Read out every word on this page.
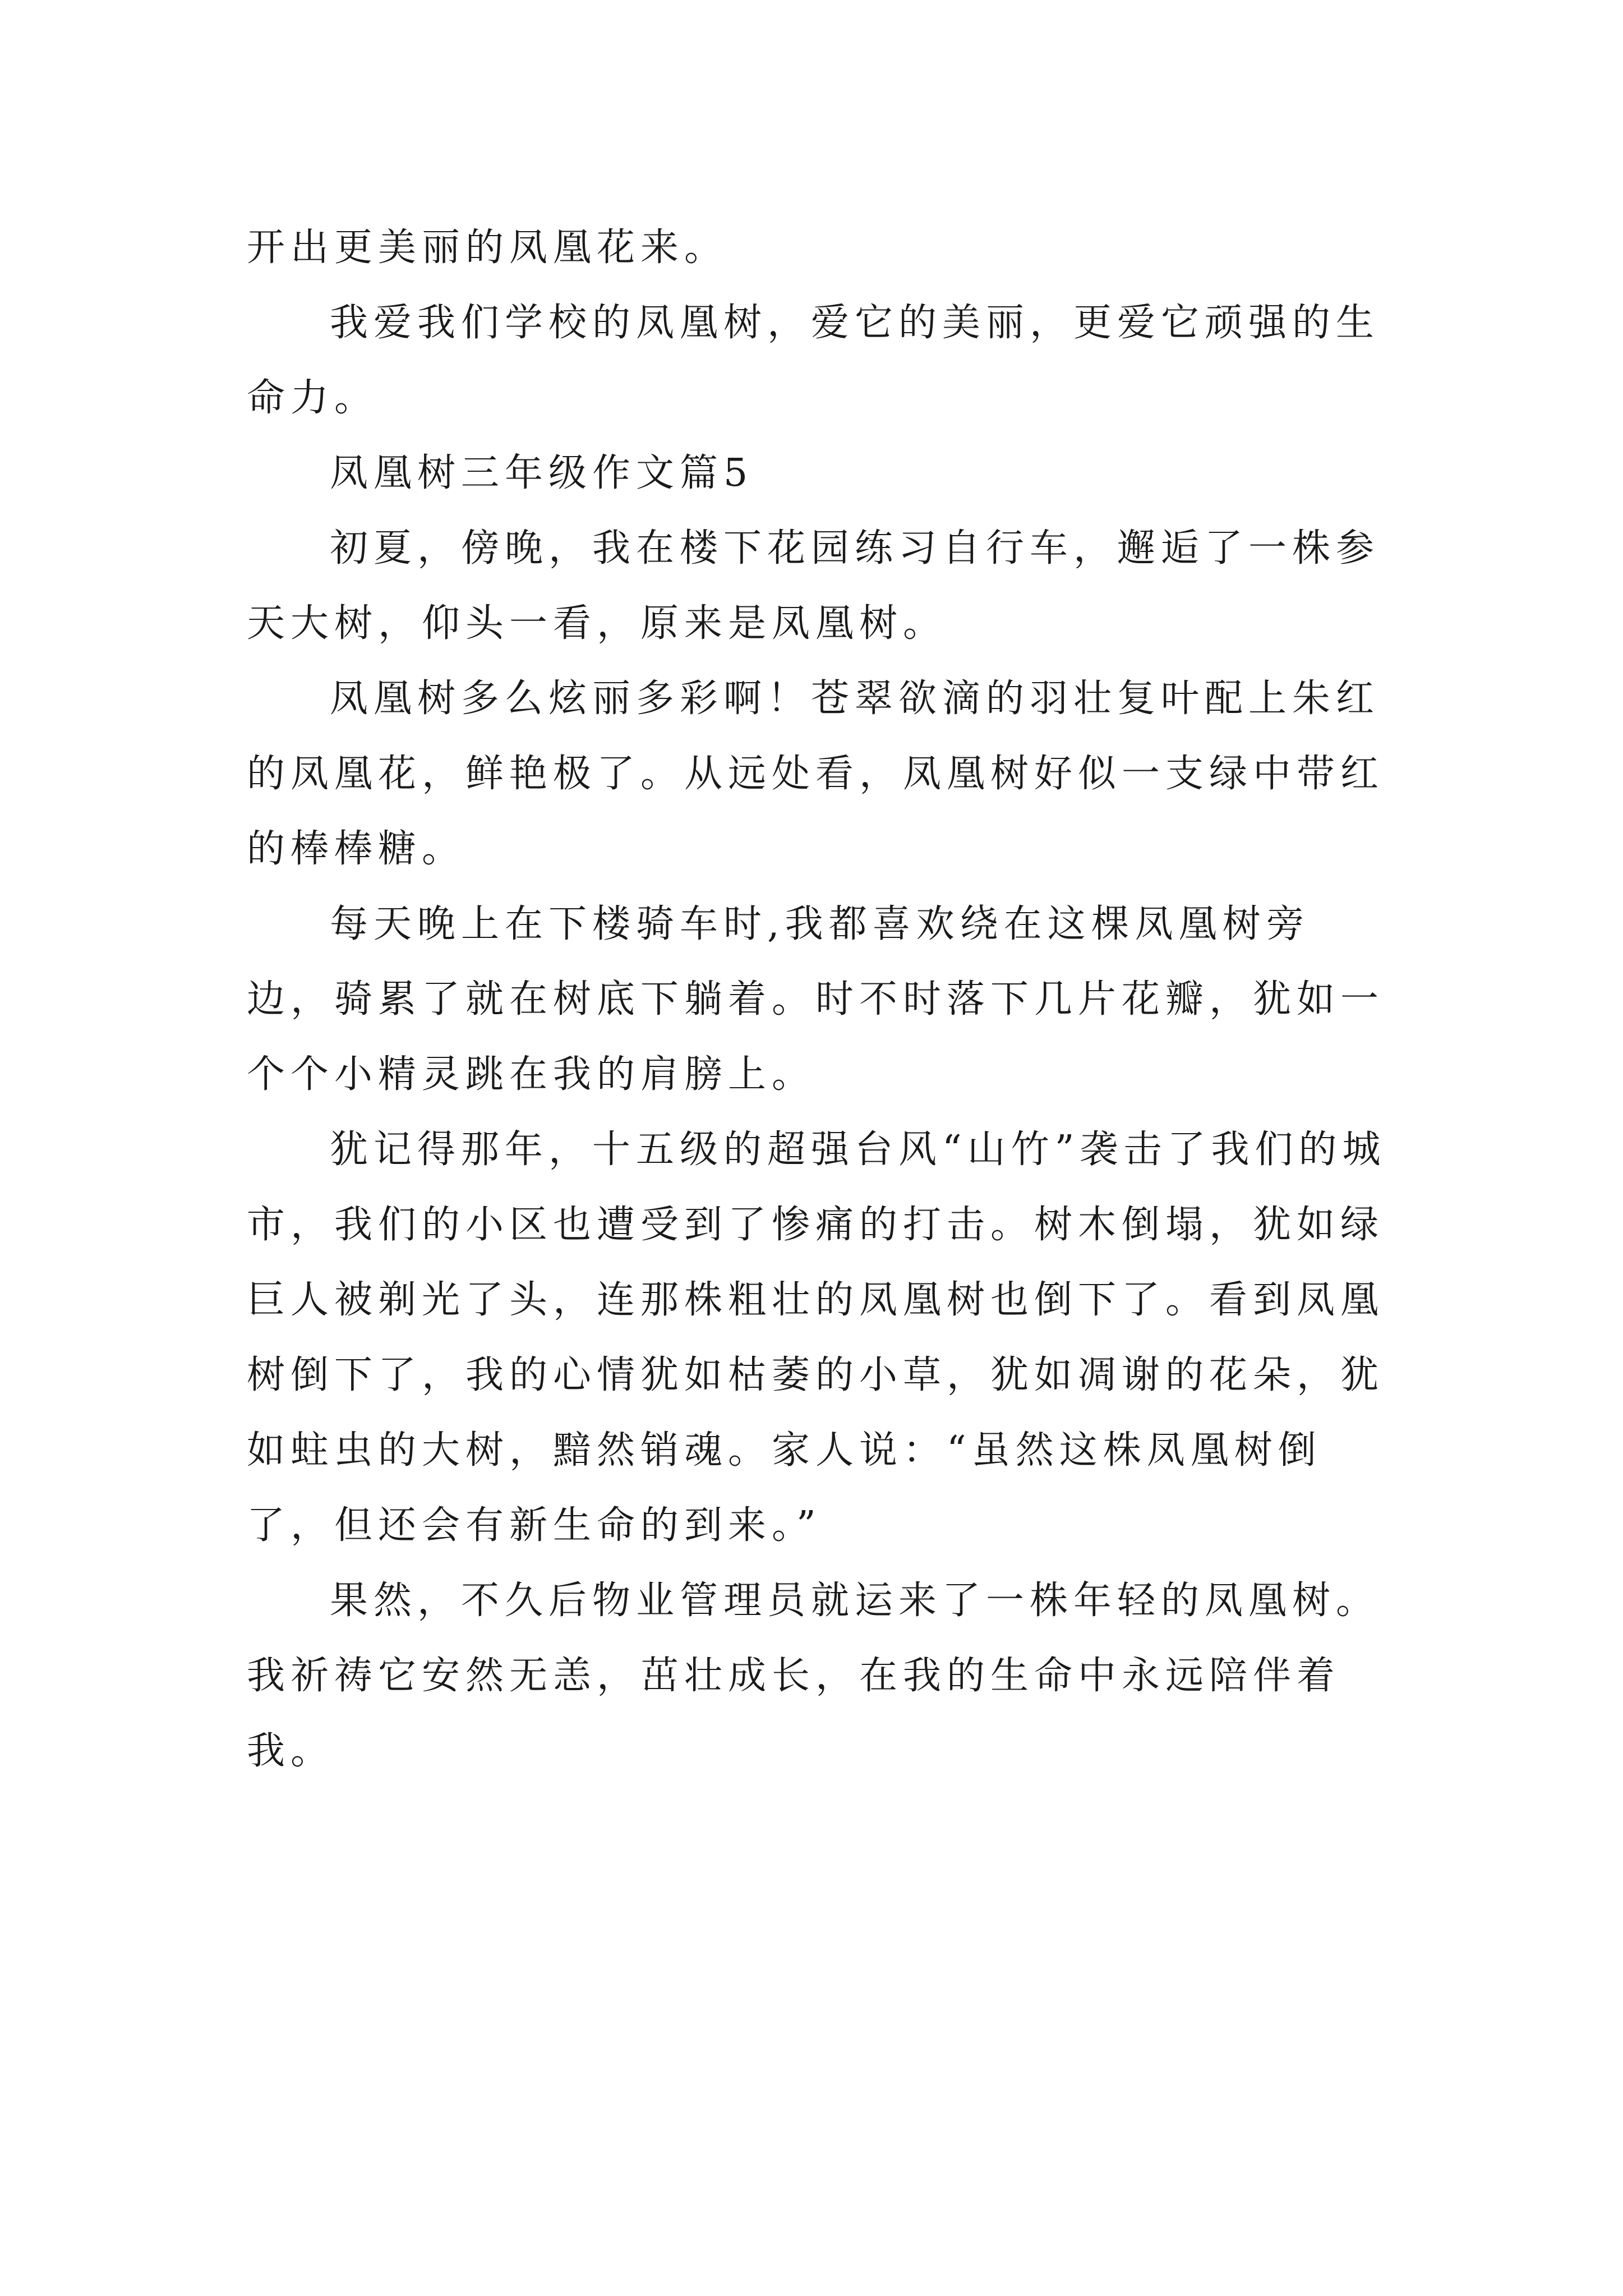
开出更美丽的凤凰花来。

我爱我们学校的凤凰树，爱它的美丽，更爱它顽强的生命力。

凤凰树三年级作文篇5

初夏，傍晚，我在楼下花园练习自行车，邂逅了一株参天大树，仰头一看，原来是凤凰树。

凤凰树多么炫丽多彩啊！苍翠欲滴的羽壮复叶配上朱红的凤凰花，鲜艳极了。从远处看，凤凰树好似一支绿中带红的棒棒糖。

每天晚上在下楼骑车时,我都喜欢绕在这棵凤凰树旁边，骑累了就在树底下躺着。时不时落下几片花瓣，犹如一个个小精灵跳在我的肩膀上。

犹记得那年，十五级的超强台风“山竹”袭击了我们的城市，我们的小区也遭受到了惨痛的打击。树木倒塌，犹如绿巨人被剃光了头，连那株粗壮的凤凰树也倒下了。看到凤凰树倒下了，我的心情犹如枯萎的小草，犹如凋谢的花朵，犹如蛀虫的大树，黯然销魂。家人说：“虽然这株凤凰树倒了，但还会有新生命的到来。”

果然，不久后物业管理员就运来了一株年轻的凤凰树。我祈祷它安然无恙，茁壮成长，在我的生命中永远陪伴着我。
